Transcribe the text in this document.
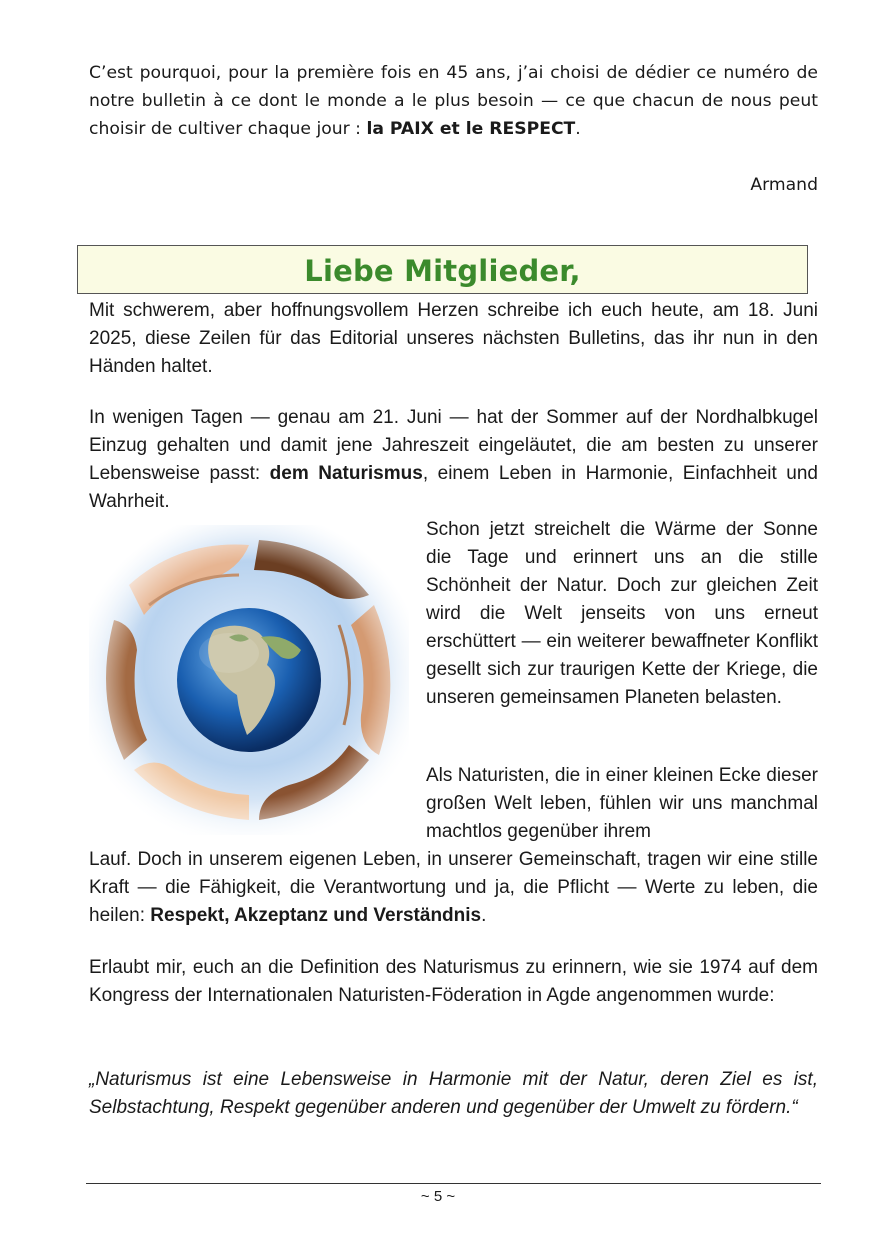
C’est pourquoi, pour la première fois en 45 ans, j’ai choisi de dédier ce numéro de notre bulletin à ce dont le monde a le plus besoin — ce que chacun de nous peut choisir de cultiver chaque jour : la PAIX et le RESPECT.

Armand

Liebe Mitglieder,

Mit schwerem, aber hoffnungsvollem Herzen schreibe ich euch heute, am 18. Juni 2025, diese Zeilen für das Editorial unseres nächsten Bulletins, das ihr nun in den Händen haltet.

In wenigen Tagen — genau am 21. Juni — hat der Sommer auf der Nordhalbkugel Einzug gehalten und damit jene Jahreszeit eingeläutet, die am besten zu unserer Lebensweise passt: dem Naturismus, einem Leben in Harmonie, Einfachheit und Wahrheit.

Schon jetzt streichelt die Wärme der Sonne die Tage und erinnert uns an die stille Schönheit der Natur. Doch zur gleichen Zeit wird die Welt jenseits von uns erneut erschüttert — ein weiterer bewaffneter Konflikt gesellt sich zur traurigen Kette der Kriege, die unseren gemeinsamen Planeten belasten.

Als Naturisten, die in einer kleinen Ecke dieser großen Welt leben, fühlen wir uns manchmal machtlos gegenüber ihrem

Lauf. Doch in unserem eigenen Leben, in unserer Gemeinschaft, tragen wir eine stille Kraft — die Fähigkeit, die Verantwortung und ja, die Pflicht — Werte zu leben, die heilen: Respekt, Akzeptanz und Verständnis.

Erlaubt mir, euch an die Definition des Naturismus zu erinnern, wie sie 1974 auf dem Kongress der Internationalen Naturisten-Föderation in Agde angenommen wurde:

„Naturismus ist eine Lebensweise in Harmonie mit der Natur, deren Ziel es ist, Selbstachtung, Respekt gegenüber anderen und gegenüber der Umwelt zu fördern.“

~ 5 ~
